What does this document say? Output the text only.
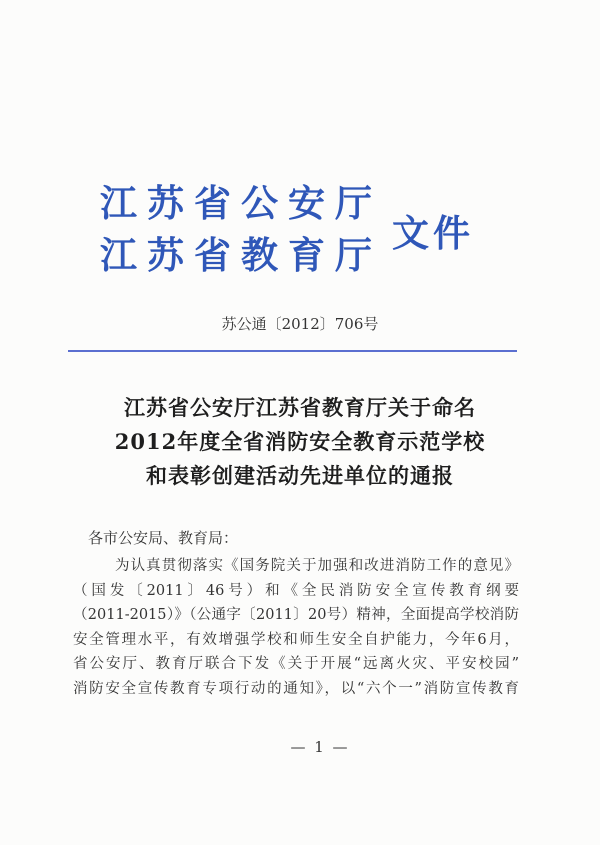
江苏省公安厅
江苏省教育厅
文件
苏公通〔2012〕706号
江苏省公安厅江苏省教育厅关于命名
2012年度全省消防安全教育示范学校
和表彰创建活动先进单位的通报
各市公安局、教育局：
为认真贯彻落实《国务院关于加强和改进消防工作的意见》
（国发〔2011〕46号）和《全民消防安全宣传教育纲要
（2011-2015）》（公通字〔2011〕20号）精神，全面提高学校消防
安全管理水平，有效增强学校和师生安全自护能力，今年6月，
省公安厅、教育厅联合下发《关于开展“远离火灾、平安校园”
消防安全宣传教育专项行动的通知》，以“六个一”消防宣传教育
— 1 —
